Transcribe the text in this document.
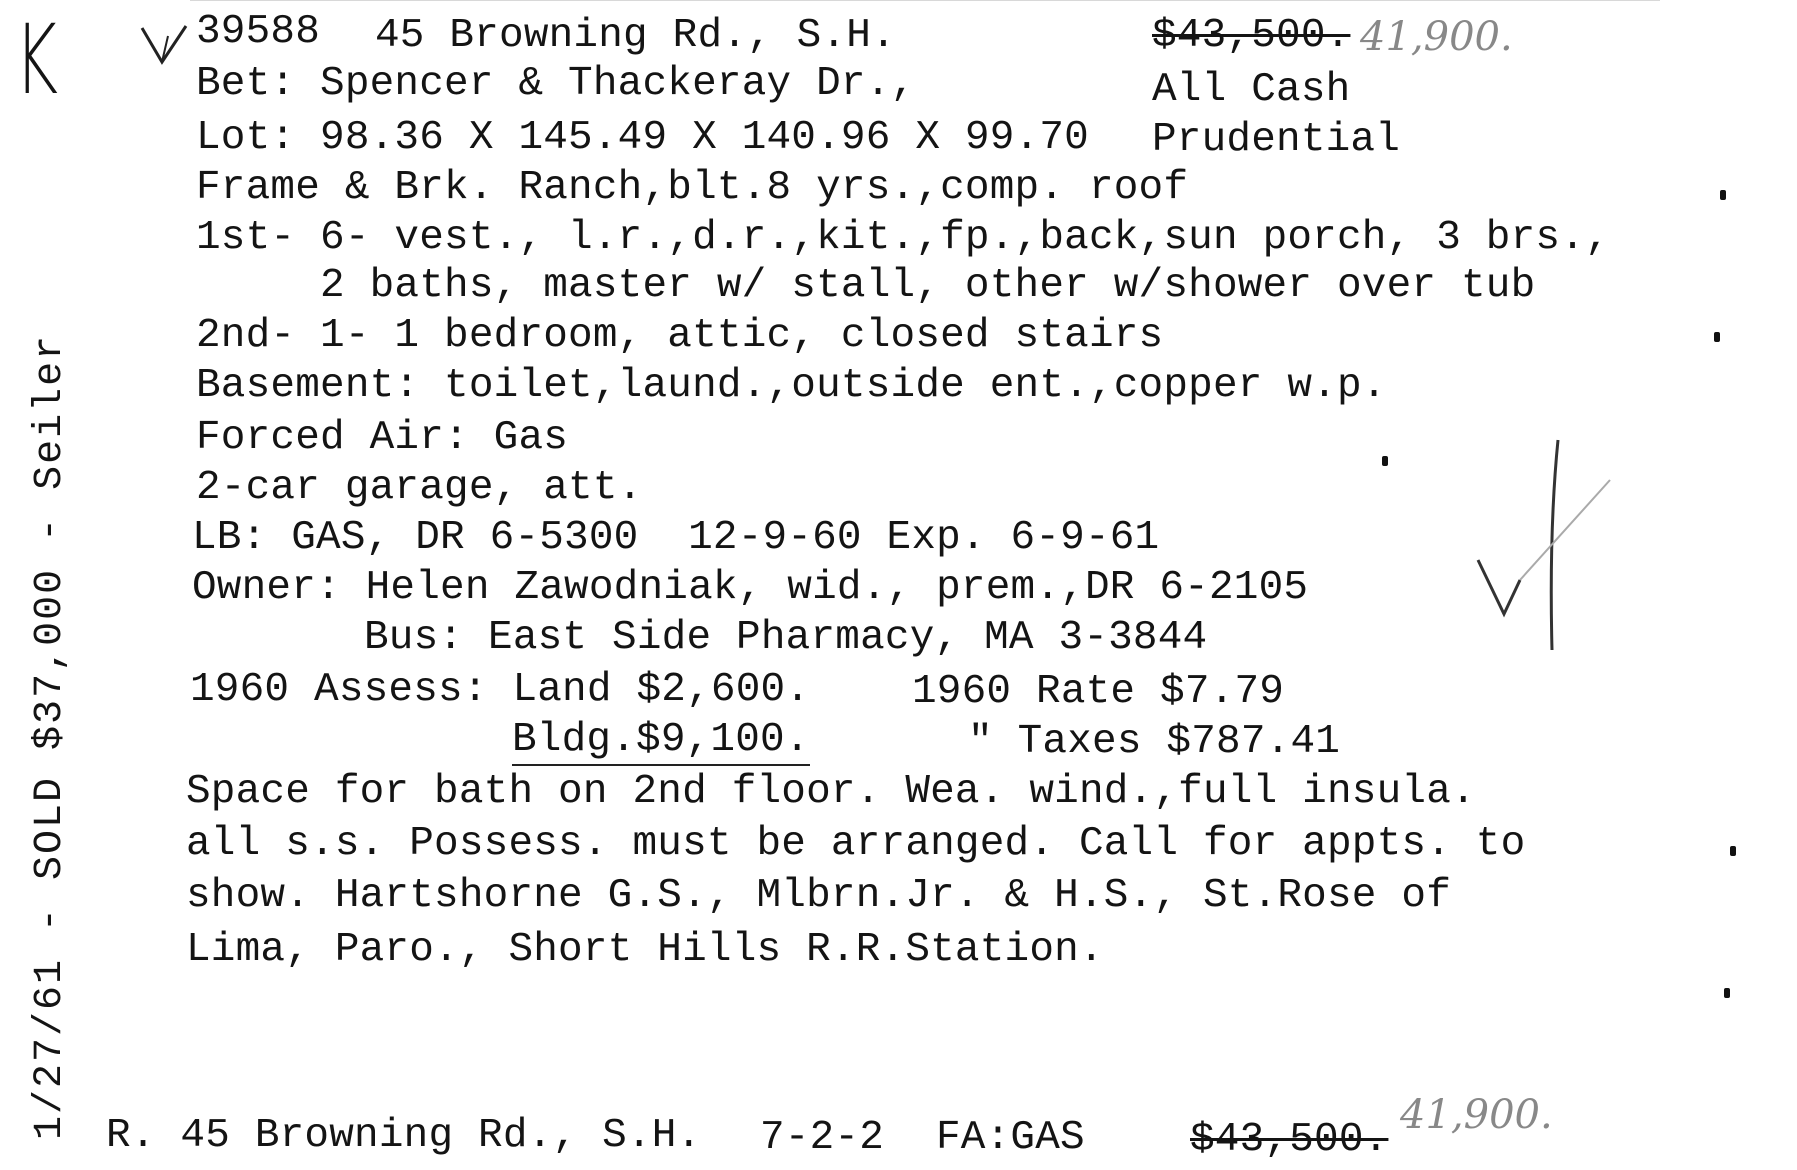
K	39588 45 Browning Rd., S.H.	$43,500. 41,900.
Bet: Spencer & Thackeray Dr.,	All Cash
Lot: 98.36 X 145.49 X 140.96 X 99.70 Prudential
Frame & Brk. Ranch,blt.8 yrs.,comp. roof
1st- 6- vest., l.r.,d.r.,kit.,fp.,back,sun porch, 3 brs.,
2 baths, master w/ stall, other w/shower over tub
2nd- 1- 1 bedroom, attic, closed stairs
Basement: toilet,laund.,outside ent.,copper w.p.
Forced Air: Gas
2-car garage, att.
LB: GAS, DR 6-5300  12-9-60 Exp. 6-9-61
Owner: Helen Zawodniak, wid., prem.,DR 6-2105
Bus: East Side Pharmacy, MA 3-3844
1960 Assess: Land $2,600. 1960 Rate $7.79
Bldg.$9,100.	" Taxes $787.41
Space for bath on 2nd floor. Wea. wind.,full insula.
all s.s. Possess. must be arranged. Call for appts. to
show. Hartshorne G.S., Mlbrn.Jr. & H.S., St.Rose of
Lima, Paro., Short Hills R.R.Station.
1/27/61 - SOLD $37,000 - Seiler R. 45 Browning Rd., S.H. 7-2-2 FA:GAS	$43,500.
41,900.
